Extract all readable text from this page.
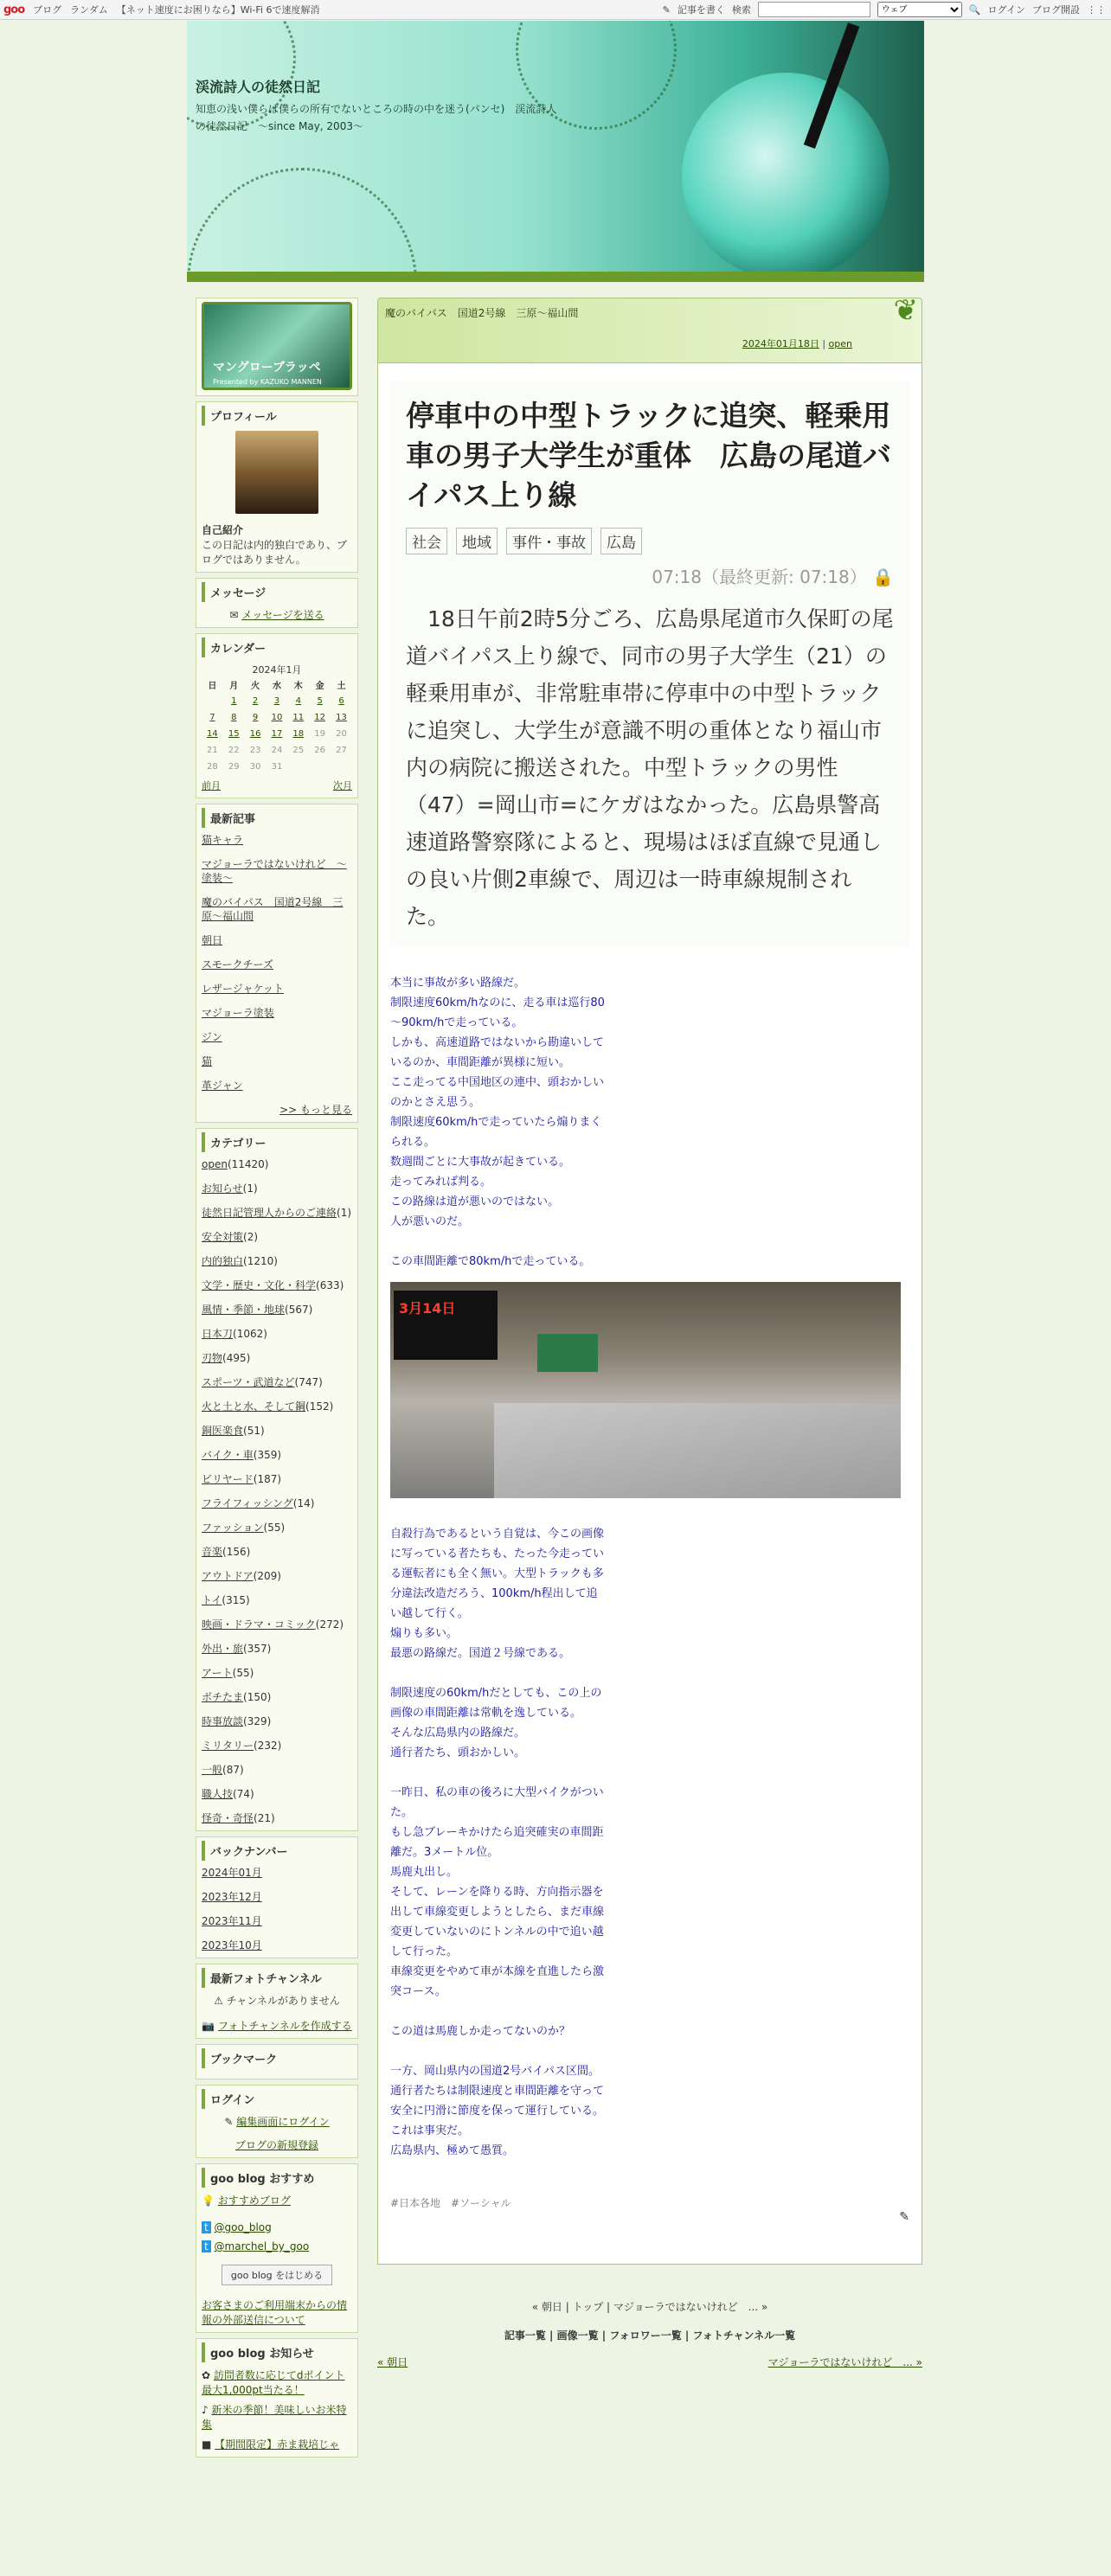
goo ブログ ランダム 【ネット速度にお困りなら】Wi-Fi 6で速度解消	✎ 記事を書く 検索
ウェブ	🔍 ログイン ブログ開設 ⋮⋮
渓流詩人の徒然日記
知恵の浅い僕らは僕らの所有でないところの時の中を迷う(パンセ)　渓流詩人の徒然日記　～since May, 2003～
マングローブラッペ
Presented by KAZUKO MANNEN
プロフィール
自己紹介
この日記は内的独白であり、ブログではありません。
メッセージ
✉ メッセージを送る
カレンダー
2024年1月
日	月	火	水	木	金	土
	1	2	3	4	5	6
7	8	9	10	11	12	13
14	15	16	17	18	19	20
21	22	23	24	25	26	27
28	29	30	31			
前月	次月
最新記事
猫キャラ
マジョーラではないけれど　～塗装～
魔のバイパス　国道2号線　三原～福山間
朝日
スモークチーズ
レザージャケット
マジョーラ塗装
ジン
猫
革ジャン
>> もっと見る
カテゴリー
open(11420)
お知らせ(1)
徒然日記管理人からのご連絡(1)
安全対策(2)
内的独白(1210)
文学・歴史・文化・科学(633)
風情・季節・地球(567)
日本刀(1062)
刃物(495)
スポーツ・武道など(747)
火と土と水、そして鋼(152)
銅医楽食(51)
バイク・車(359)
ビリヤード(187)
フライフィッシング(14)
ファッション(55)
音楽(156)
アウトドア(209)
トイ(315)
映画・ドラマ・コミック(272)
外出・旅(357)
アート(55)
ボチたま(150)
時事放談(329)
ミリタリー(232)
一般(87)
職人技(74)
怪奇・奇怪(21)
バックナンバー
2024年01月
2023年12月
2023年11月
2023年10月
最新フォトチャンネル
⚠ チャンネルがありません
📷 フォトチャンネルを作成する
ブックマーク
ログイン
✎ 編集画面にログイン
ブログの新規登録
goo blog おすすめ
💡 おすすめブログ
t @goo_blog
t @marchel_by_goo
goo blog をはじめる
お客さまのご利用端末からの情報の外部送信について
goo blog お知らせ
✿ 訪問者数に応じてdポイント最大1,000pt当たる！
♪ 新米の季節！美味しいお米特集
■ 【期間限定】赤ま栽培じゃ
魔のバイパス　国道2号線　三原～福山間
2024年01月18日 | open
❦
停車中の中型トラックに追突、軽乗用車の男子大学生が重体　広島の尾道バイパス上り線
社会	地域	事件・事故	広島
07:18（最終更新: 07:18） 🔒

18日午前2時5分ごろ、広島県尾道市久保町の尾道バイパス上り線で、同市の男子大学生（21）の軽乗用車が、非常駐車帯に停車中の中型トラックに追突し、大学生が意識不明の重体となり福山市内の病院に搬送された。中型トラックの男性（47）=岡山市=にケガはなかった。広島県警高速道路警察隊によると、現場はほぼ直線で見通しの良い片側2車線で、周辺は一時車線規制された。

本当に事故が多い路線だ。
制限速度60km/hなのに、走る車は巡行80～90km/hで走っている。
しかも、高速道路ではないから勘違いしているのか、車間距離が異様に短い。
ここ走ってる中国地区の連中、頭おかしいのかとさえ思う。
制限速度60km/hで走っていたら煽りまくられる。
数週間ごとに大事故が起きている。
走ってみれば判る。
この路線は道が悪いのではない。
人が悪いのだ。

この車間距離で80km/hで走っている。
3月14日
自殺行為であるという自覚は、今この画像に写っている者たちも、たった今走っている運転者にも全く無い。大型トラックも多分違法改造だろう、100km/h程出して追い越して行く。
煽りも多い。
最悪の路線だ。国道２号線である。

制限速度の60km/hだとしても、この上の画像の車間距離は常軌を逸している。
そんな広島県内の路線だ。
通行者たち、頭おかしい。

一昨日、私の車の後ろに大型バイクがついた。
もし急ブレーキかけたら追突確実の車間距離だ。3メートル位。
馬鹿丸出し。
そして、レーンを降りる時、方向指示器を出して車線変更しようとしたら、まだ車線変更していないのにトンネルの中で追い越して行った。
車線変更をやめて車が本線を直進したら激突コース。

この道は馬鹿しか走ってないのか？

一方、岡山県内の国道2号バイパス区間。
通行者たちは制限速度と車間距離を守って安全に円滑に節度を保って運行している。
これは事実だ。
広島県内、極めて愚質。
#日本各地　#ソーシャル
✎
« 朝日 | トップ | マジョーラではないけれど　... »
記事一覧 | 画像一覧 | フォロワー一覧 | フォトチャンネル一覧
« 朝日	マジョーラではないけれど　... »
